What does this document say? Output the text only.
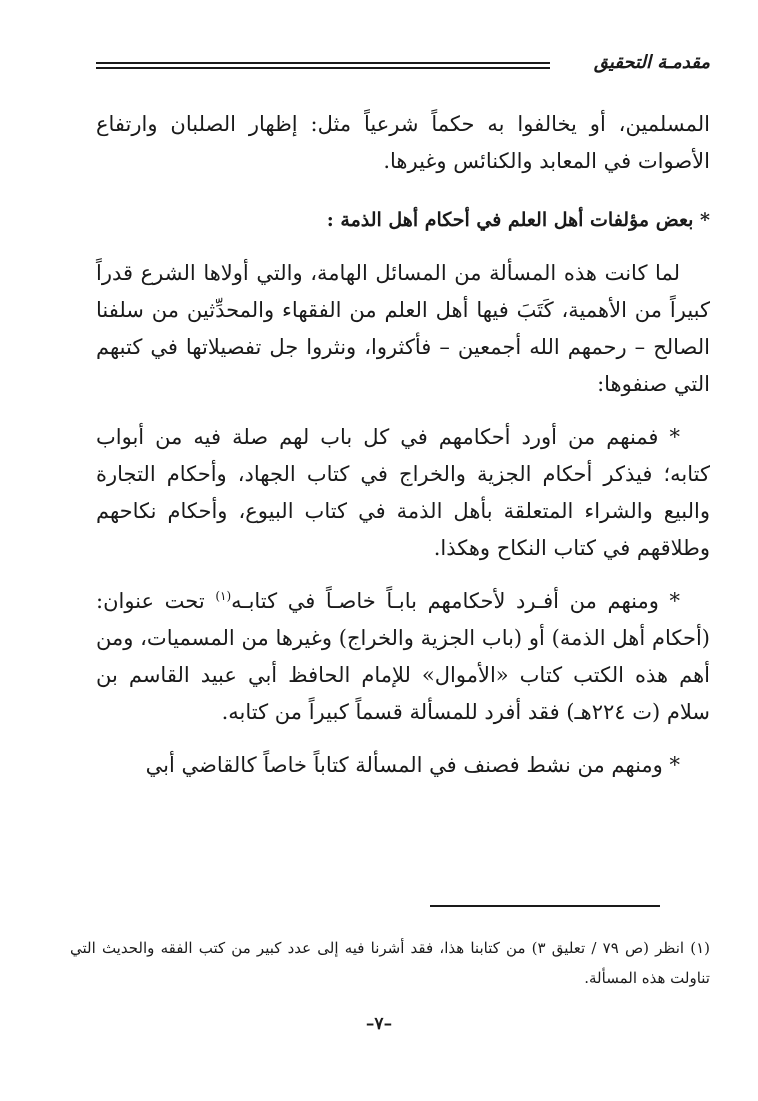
مقدمـة التحقيق

المسلمين، أو يخالفوا به حكماً شرعياً مثل: إظهار الصلبان وارتفاع الأصوات في المعابد والكنائس وغيرها.

* بعض مؤلفات أهل العلم في أحكام أهل الذمة :

لما كانت هذه المسألة من المسائل الهامة، والتي أولاها الشرع قدراً كبيراً من الأهمية، كَتَبَ فيها أهل العلم من الفقهاء والمحدِّثين من سلفنا الصالح – رحمهم الله أجمعين – فأكثروا، ونثروا جل تفصيلاتها في كتبهم التي صنفوها:

* فمنهم من أورد أحكامهم في كل باب لهم صلة فيه من أبواب كتابه؛ فيذكر أحكام الجزية والخراج في كتاب الجهاد، وأحكام التجارة والبيع والشراء المتعلقة بأهل الذمة في كتاب البيوع، وأحكام نكاحهم وطلاقهم في كتاب النكاح وهكذا.

* ومنهم من أفـرد لأحكامهم بابـاً خاصـاً في كتابـه$^{(١)}$ تحت عنوان: (أحكام أهل الذمة) أو (باب الجزية والخراج) وغيرها من المسميات، ومن أهم هذه الكتب كتاب «الأموال» للإمام الحافظ أبي عبيد القاسم بن سلام (ت ٢٢٤هـ) فقد أفرد للمسألة قسماً كبيراً من كتابه.

* ومنهم من نشط فصنف في المسألة كتاباً خاصاً كالقاضي أبي

(١) انظر (ص ٧٩ / تعليق ٣) من كتابنا هذا، فقد أشرنا فيه إلى عدد كبير من كتب الفقه والحديث التي تناولت هذه المسألة.

–٧–
